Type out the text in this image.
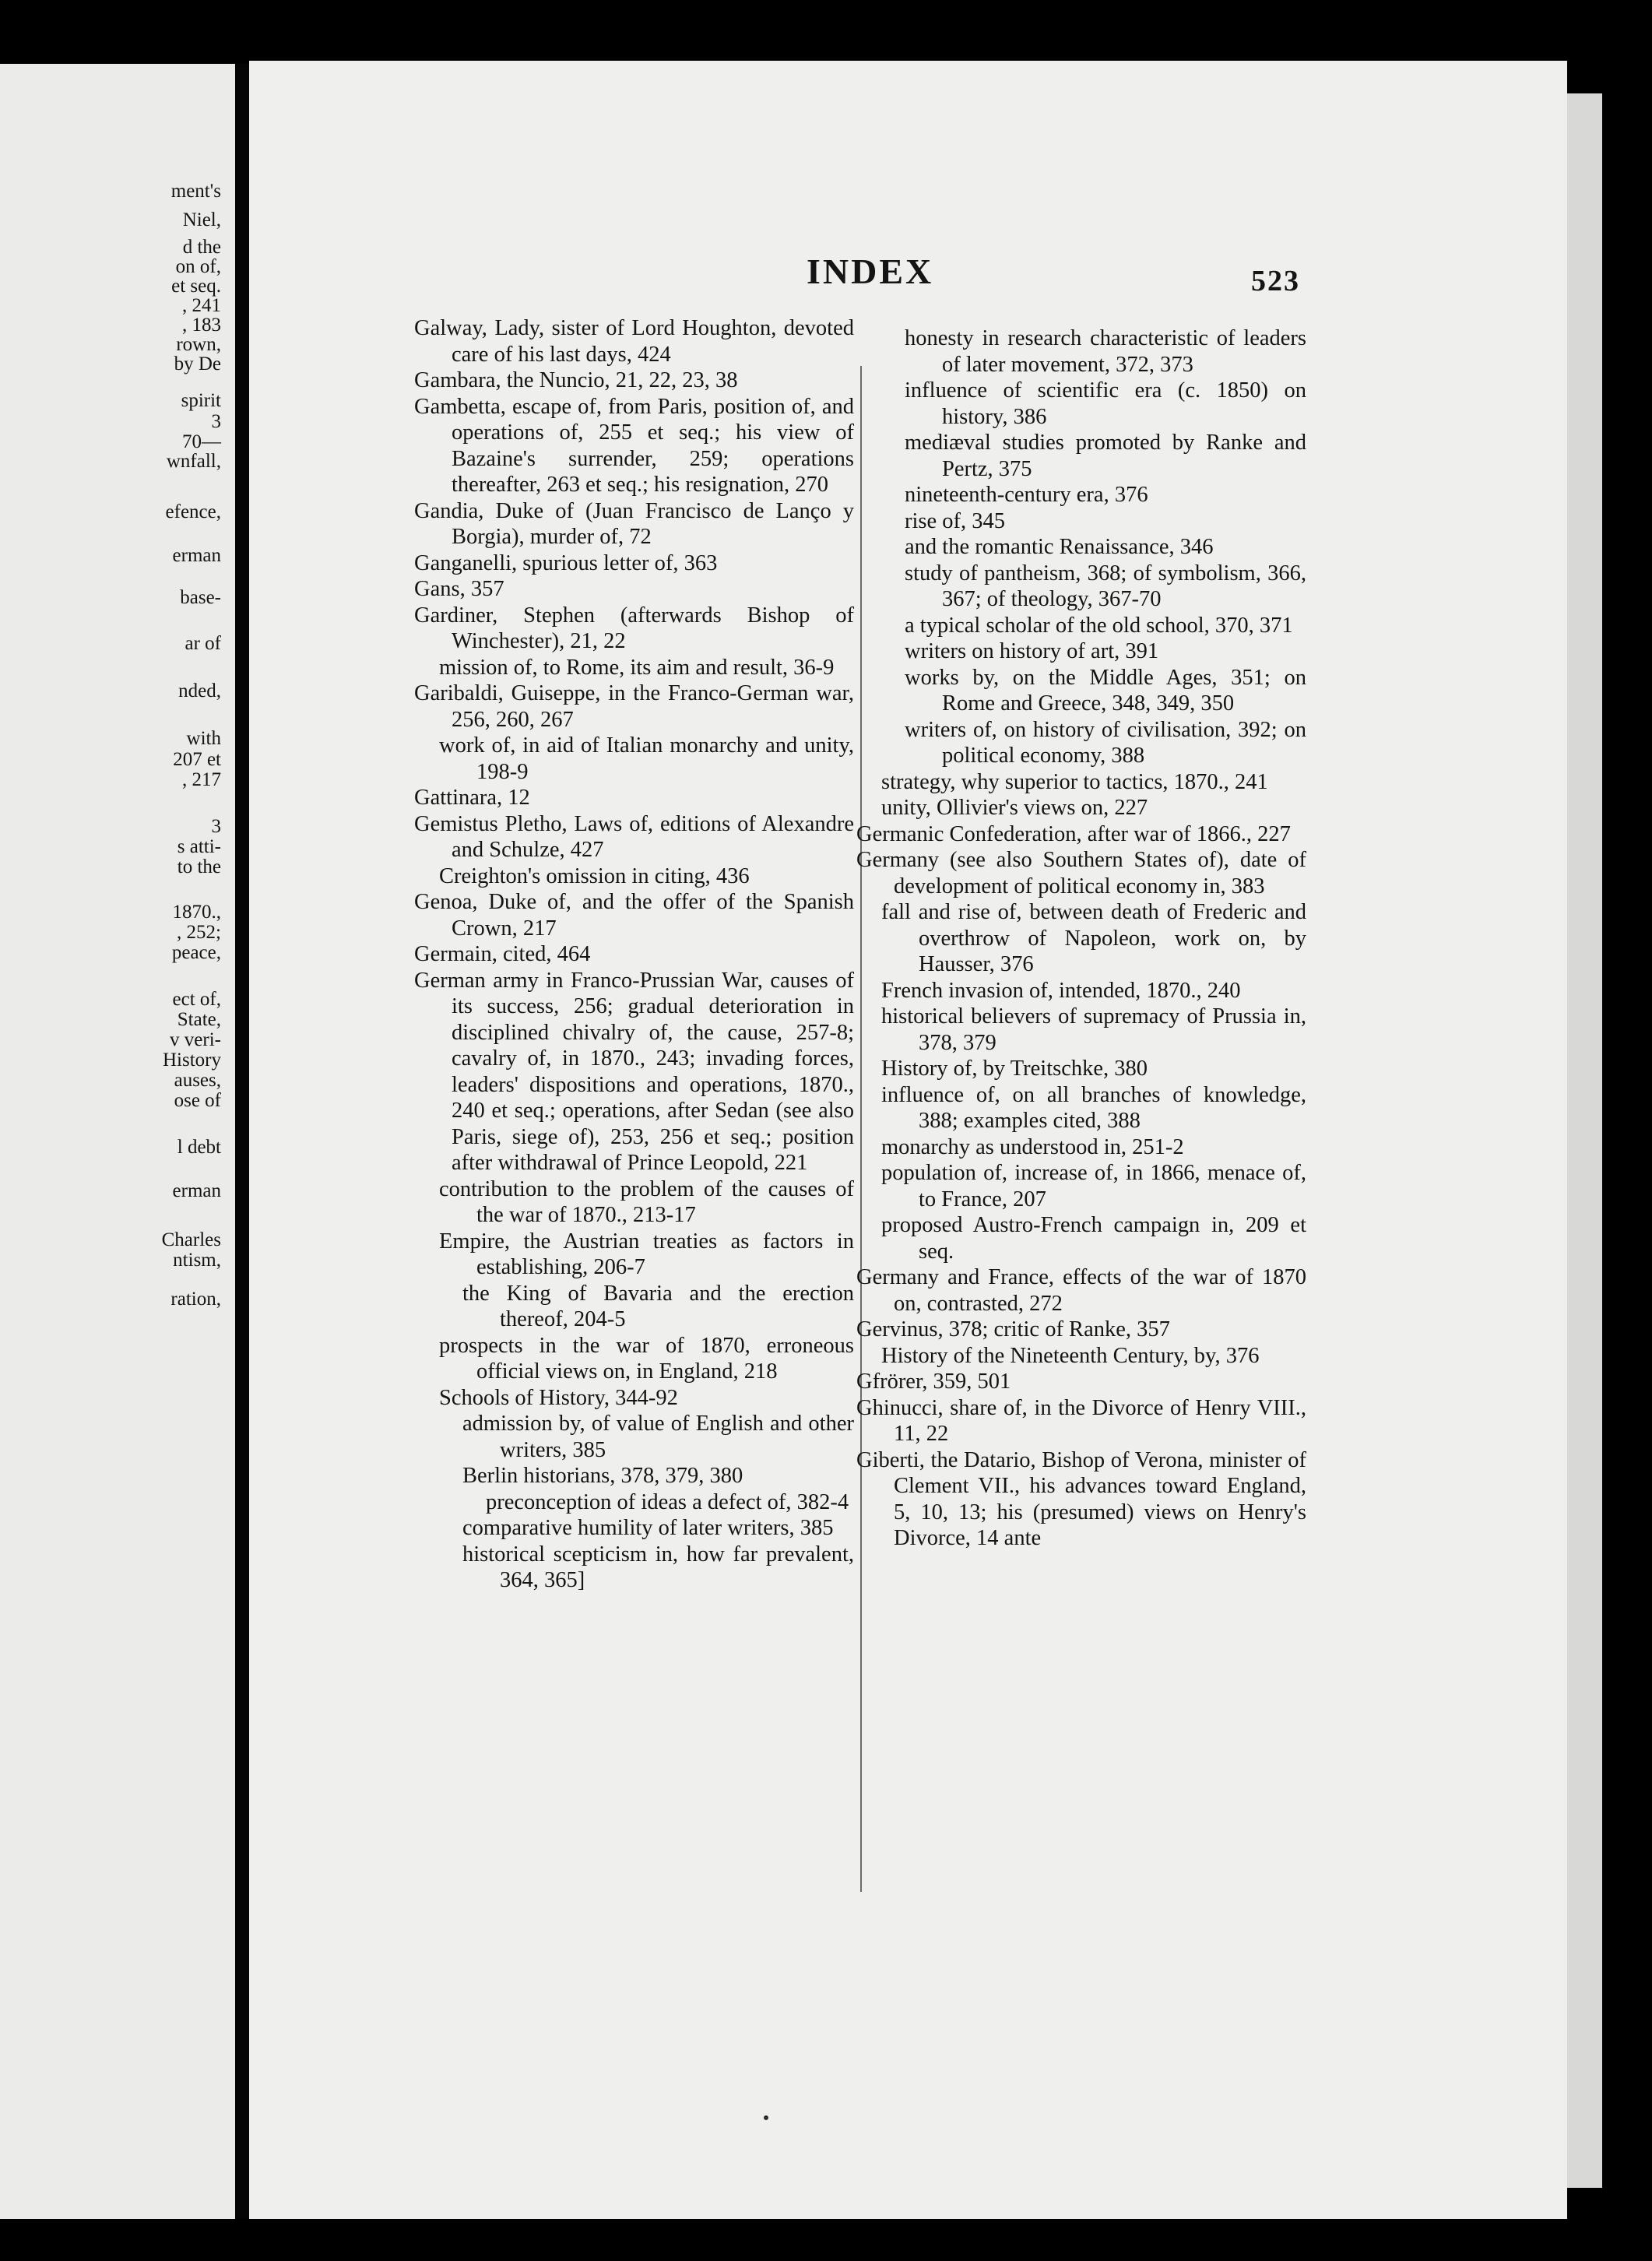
ment's
Niel,
d the
on of,
et seq.
, 241
, 183
rown,
by De
spirit
3
70—
wnfall,
efence,
erman
base-
ar of
nded,
with
207 et
, 217
3
s atti-
to the
1870.,
, 252;
peace,
ect of,
State,
v veri-
History
auses,
ose of
l debt
erman
Charles
ntism,
ration,
INDEX	523
Galway, Lady, sister of Lord Houghton, devoted care of his last days, 424
Gambara, the Nuncio, 21, 22, 23, 38
Gambetta, escape of, from Paris, position of, and operations of, 255 et seq.; his view of Bazaine's surrender, 259; operations thereafter, 263 et seq.; his resignation, 270
Gandia, Duke of (Juan Francisco de Lanço y Borgia), murder of, 72
Ganganelli, spurious letter of, 363
Gans, 357
Gardiner, Stephen (afterwards Bishop of Winchester), 21, 22
mission of, to Rome, its aim and result, 36-9
Garibaldi, Guiseppe, in the Franco-German war, 256, 260, 267
work of, in aid of Italian monarchy and unity, 198-9
Gattinara, 12
Gemistus Pletho, Laws of, editions of Alexandre and Schulze, 427
Creighton's omission in citing, 436
Genoa, Duke of, and the offer of the Spanish Crown, 217
Germain, cited, 464
German army in Franco-Prussian War, causes of its success, 256; gradual deterioration in disciplined chivalry of, the cause, 257-8; cavalry of, in 1870., 243; invading forces, leaders' dispositions and operations, 1870., 240 et seq.; operations, after Sedan (see also Paris, siege of), 253, 256 et seq.; position after withdrawal of Prince Leopold, 221
contribution to the problem of the causes of the war of 1870., 213-17
Empire, the Austrian treaties as factors in establishing, 206-7
the King of Bavaria and the erection thereof, 204-5
prospects in the war of 1870, erroneous official views on, in England, 218
Schools of History, 344-92
admission by, of value of English and other writers, 385
Berlin historians, 378, 379, 380
preconception of ideas a defect of, 382-4
comparative humility of later writers, 385
historical scepticism in, how far prevalent, 364, 365]
honesty in research characteristic of leaders of later movement, 372, 373
influence of scientific era (c. 1850) on history, 386
mediæval studies promoted by Ranke and Pertz, 375
nineteenth-century era, 376
rise of, 345
and the romantic Renaissance, 346
study of pantheism, 368; of symbolism, 366, 367; of theology, 367-70
a typical scholar of the old school, 370, 371
writers on history of art, 391
works by, on the Middle Ages, 351; on Rome and Greece, 348, 349, 350
writers of, on history of civilisation, 392; on political economy, 388
strategy, why superior to tactics, 1870., 241
unity, Ollivier's views on, 227
Germanic Confederation, after war of 1866., 227
Germany (see also Southern States of), date of development of political economy in, 383
fall and rise of, between death of Frederic and overthrow of Napoleon, work on, by Hausser, 376
French invasion of, intended, 1870., 240
historical believers of supremacy of Prussia in, 378, 379
History of, by Treitschke, 380
influence of, on all branches of knowledge, 388; examples cited, 388
monarchy as understood in, 251-2
population of, increase of, in 1866, menace of, to France, 207
proposed Austro-French campaign in, 209 et seq.
Germany and France, effects of the war of 1870 on, contrasted, 272
Gervinus, 378; critic of Ranke, 357
History of the Nineteenth Century, by, 376
Gfrörer, 359, 501
Ghinucci, share of, in the Divorce of Henry VIII., 11, 22
Giberti, the Datario, Bishop of Verona, minister of Clement VII., his advances toward England, 5, 10, 13; his (presumed) views on Henry's Divorce, 14 ante
